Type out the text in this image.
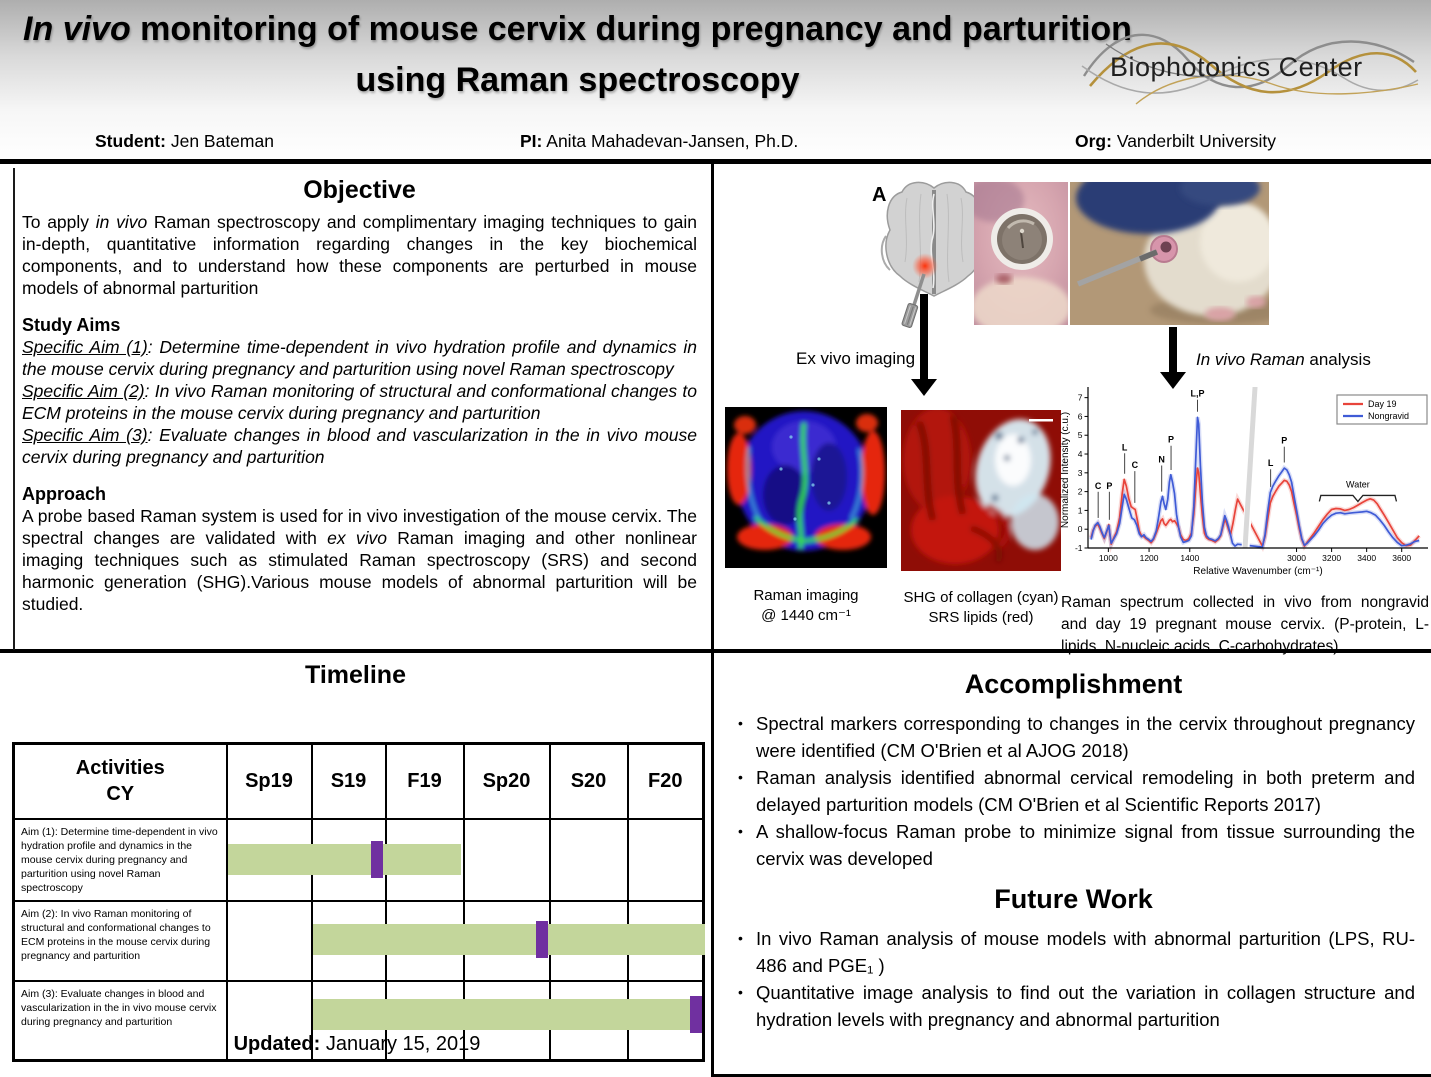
In vivo monitoring of mouse cervix during pregnancy and parturition using Raman spectroscopy	Biophotonics Center
Student: Jen Bateman	PI: Anita Mahadevan-Jansen, Ph.D.	Org: Vanderbilt University
Objective

To apply in vivo Raman spectroscopy and complimentary imaging techniques to gain in-depth, quantitative information regarding changes in the key biochemical components, and to understand how these components are perturbed in mouse models of abnormal parturition

Study Aims

Specific Aim (1): Determine time-dependent in vivo hydration profile and dynamics in the mouse cervix during pregnancy and parturition using novel Raman spectroscopy

Specific Aim (2): In vivo Raman monitoring of structural and conformational changes to ECM proteins in the mouse cervix during pregnancy and parturition

Specific Aim (3): Evaluate changes in blood and vascularization in the in vivo mouse cervix during pregnancy and parturition

Approach

A probe based Raman system is used for in vivo investigation of the mouse cervix. The spectral changes are validated with ex vivo Raman imaging and other nonlinear imaging techniques such as stimulated Raman spectroscopy (SRS) and second harmonic generation (SHG).Various mouse models of abnormal parturition will be studied.

A
Ex vivo imaging	In vivo Raman analysis
Raman imaging
@ 1440 cm⁻¹
SHG of collagen (cyan)
SRS lipids (red)
-1
0
1
2
3
4
5
6
7
1000	1200	1400	3000 3200 3400 3600
C P
L
C
N
P
L,P
L
P
Water
Relative Wavenumber (cm⁻¹)
Normalized Intensity (c.u.)
Day 19
Nongravid
Raman spectrum collected in vivo from nongravid and day 19 pregnant mouse cervix. (P-protein, L-lipids, N-nucleic acids, C-carbohydrates)
Timeline
Activities
CY	Sp19	S19	F19	Sp20	S20	F20
Aim (1): Determine time-dependent in vivo hydration profile and dynamics in the mouse cervix during pregnancy and parturition using novel Raman spectroscopy						
Aim (2): In vivo Raman monitoring of structural and conformational changes to ECM proteins in the mouse cervix during pregnancy and parturition						
Aim (3): Evaluate changes in blood and vascularization in the in vivo mouse cervix during pregnancy and parturition						
Updated: January 15, 2019
Accomplishment
• Spectral markers corresponding to changes in the cervix throughout pregnancy were identified (CM O'Brien et al AJOG 2018)
• Raman analysis identified abnormal cervical remodeling in both preterm and delayed parturition models (CM O'Brien et al Scientific Reports 2017)
• A shallow-focus Raman probe to minimize signal from tissue surrounding the cervix was developed
Future Work
• In vivo Raman analysis of mouse models with abnormal parturition (LPS, RU-486 and PGE₁ )
• Quantitative image analysis to find out the variation in collagen structure and hydration levels with pregnancy and abnormal parturition
